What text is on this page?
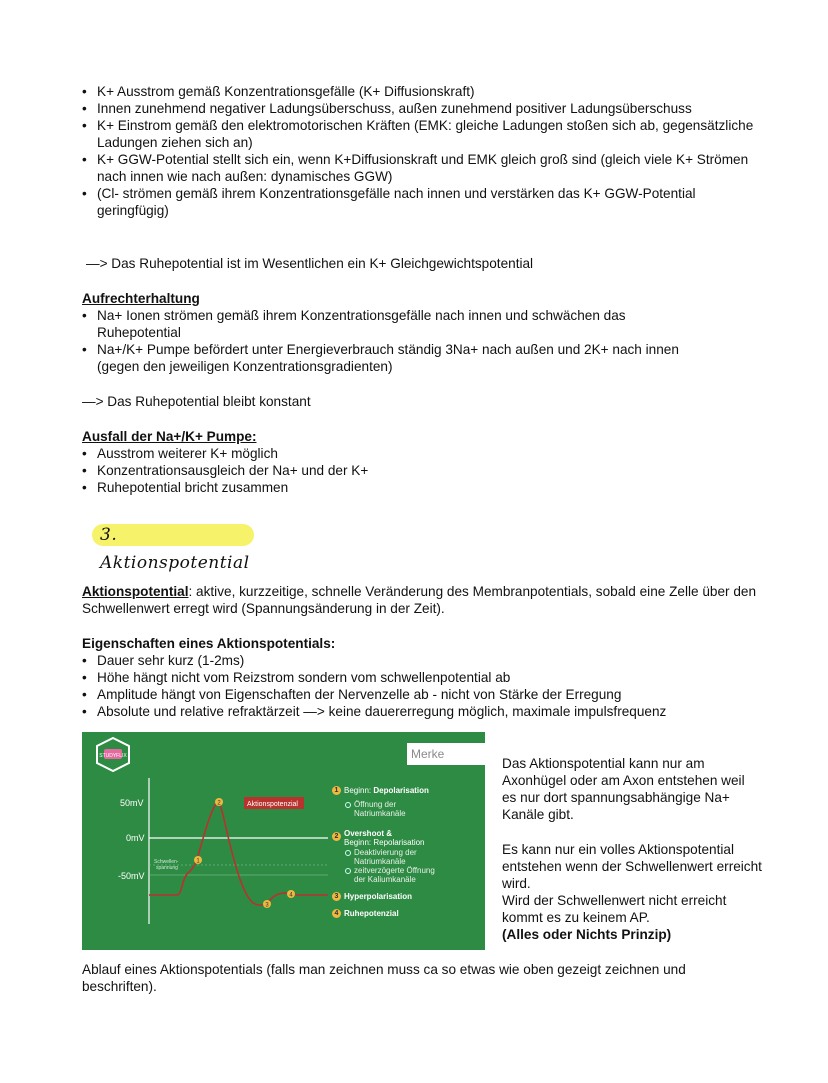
• K+ Ausstrom gemäß Konzentrationsgefälle (K+ Diffusionskraft)
• Innen zunehmend negativer Ladungsüberschuss, außen zunehmend positiver Ladungsüberschuss
• K+ Einstrom gemäß den elektromotorischen Kräften (EMK: gleiche Ladungen stoßen sich ab, gegensätzliche Ladungen ziehen sich an)
• K+ GGW-Potential stellt sich ein, wenn K+Diffusionskraft und EMK gleich groß sind (gleich viele K+ Strömen nach innen wie nach außen: dynamisches GGW)
• (Cl- strömen gemäß ihrem Konzentrationsgefälle nach innen und verstärken das K+ GGW-Potential geringfügig)
—> Das Ruhepotential ist im Wesentlichen ein K+ Gleichgewichtspotential
Aufrechterhaltung
• Na+ Ionen strömen gemäß ihrem Konzentrationsgefälle nach innen und schwächen das Ruhepotential
• Na+/K+ Pumpe befördert unter Energieverbrauch ständig 3Na+ nach außen und 2K+ nach innen (gegen den jeweiligen Konzentrationsgradienten)
—> Das Ruhepotential bleibt konstant
Ausfall der Na+/K+ Pumpe:
• Ausstrom weiterer K+ möglich
• Konzentrationsausgleich der Na+ und der K+
• Ruhepotential bricht zusammen
3. Aktionspotential
Aktionspotential: aktive, kurzzeitige, schnelle Veränderung des Membranpotentials, sobald eine Zelle über den Schwellenwert erregt wird (Spannungsänderung in der Zeit).
Eigenschaften eines Aktionspotentials:
• Dauer sehr kurz (1-2ms)
• Höhe hängt nicht vom Reizstrom sondern vom schwellenpotential ab
• Amplitude hängt von Eigenschaften der Nervenzelle ab - nicht von Stärke der Erregung
• Absolute und relative refraktärzeit —> keine dauererregung möglich, maximale impulsfrequenz
STUDYFLIX
50mV
0mV
-50mV
Schwellen-
spannung
Aktionspotenzial
1
2
3
4
Merke
1 Beginn: Depolarisation
Öffnung der
Natriumkanäle
2 Overshoot &
Beginn: Repolarisation
Deaktivierung der
Natriumkanäle
zeitverzögerte Öffnung
der Kaliumkanäle
3 Hyperpolarisation
4 Ruhepotenzial
Das Aktionspotential kann nur am Axonhügel oder am Axon entstehen weil es nur dort spannungsabhängige Na+ Kanäle gibt.
Es kann nur ein volles Aktionspotential entstehen wenn der Schwellenwert erreicht wird.
Wird der Schwellenwert nicht erreicht kommt es zu keinem AP.
(Alles oder Nichts Prinzip)
Ablauf eines Aktionspotentials (falls man zeichnen muss ca so etwas wie oben gezeigt zeichnen und beschriften).
